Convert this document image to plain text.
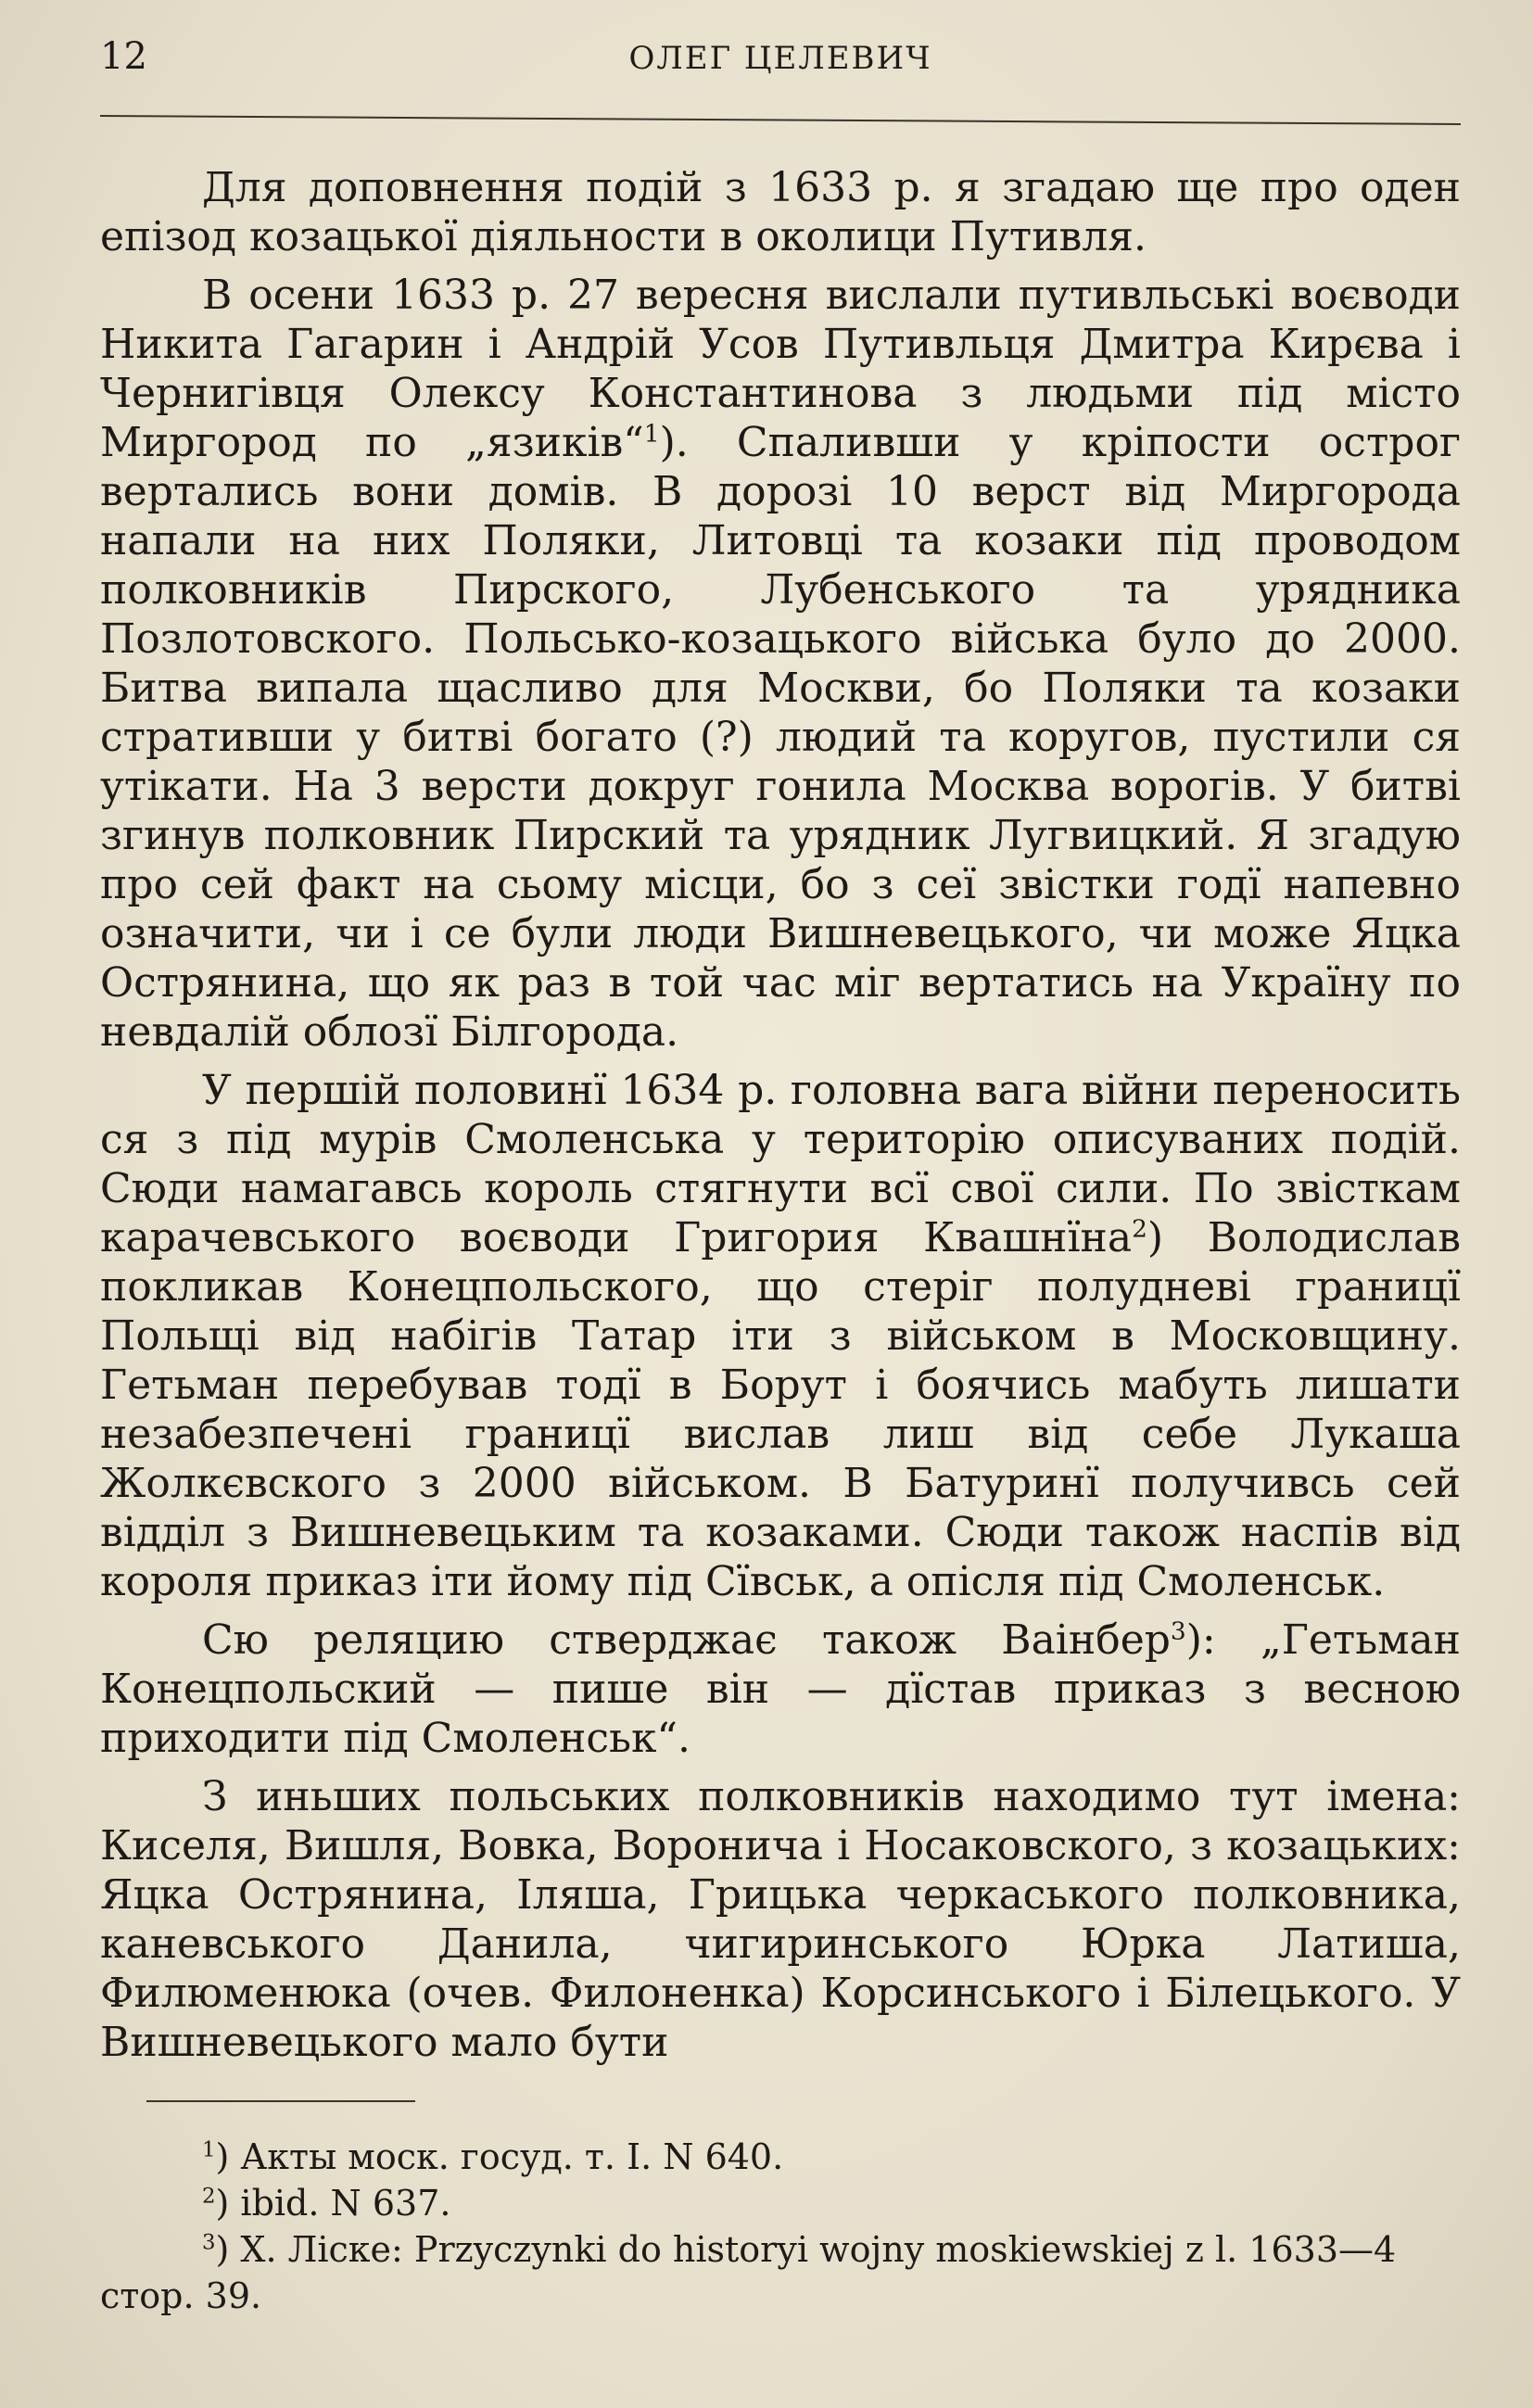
12	ОЛЕГ ЦЕЛЕВИЧ

Для доповнення подій з 1633 р. я згадаю ще про оден епізод козацької діяльности в околици Путивля.

В осени 1633 р. 27 вересня вислали путивльські воєводи Никита Гагарин і Андрій Усов Путивльця Дмитра Кирєва і Чернигівця Олексу Константинова з людьми під місто Миргород по „язиків“$^1$). Спаливши у кріпости острог вертались вони домів. В дорозі 10 верст від Миргорода напали на них Поляки, Литовці та козаки під проводом полковників Пирского, Лубенського та урядника Позлотовского. Польсько-козацького війська було до 2000. Битва випала щасливо для Москви, бо Поляки та козаки стративши у битві богато (?) людий та коругов, пустили ся утікати. На 3 версти докруг гонила Москва ворогів. У битві згинув полковник Пирский та урядник Лугвицкий. Я згадую про сей факт на сьому місци, бо з сеї звістки годї напевно означити, чи і се були люди Вишневецького, чи може Яцка Острянина, що як раз в той час міг вертатись на Україну по невдалій облозї Білгорода.

У першій половинї 1634 р. головна вага війни переносить ся з під мурів Смоленська у територію описуваних подій. Сюди намагавсь король стягнути всї свої сили. По звісткам карачевського воєводи Григория Квашнїна$^2$) Володислав покликав Конецпольского, що стеріг полудневі границї Польщі від набігів Татар іти з військом в Московщину. Гетьман перебував тодї в Борут і боячись мабуть лишати незабезпечені границї вислав лиш від себе Лукаша Жолкєвского з 2000 військом. В Батуринї получивсь сей відділ з Вишневецьким та козаками. Сюди також наспів від короля приказ іти йому під Сївськ, а опісля під Смоленськ.

Сю реляцию стверджає також Ваінбер$^3$): „Гетьман Конецпольский — пише він — дїстав приказ з весною приходити під Смоленськ“.

З иньших польських полковників находимо тут імена: Киселя, Вишля, Вовка, Воронича і Носаковского, з козацьких: Яцка Острянина, Іляша, Грицька черкаського полковника, каневського Данила, чигиринського Юрка Латиша, Филюменюка (очев. Филоненка) Корсинського і Білецького. У Вишневецького мало бути

$^1$) Акты моск. госуд. т. I. N 640.

$^2$) ibid. N 637.

$^3$) Х. Ліске: Przyczynki do historyi wojny moskiewskiej z l. 1633—4 стор. 39.
